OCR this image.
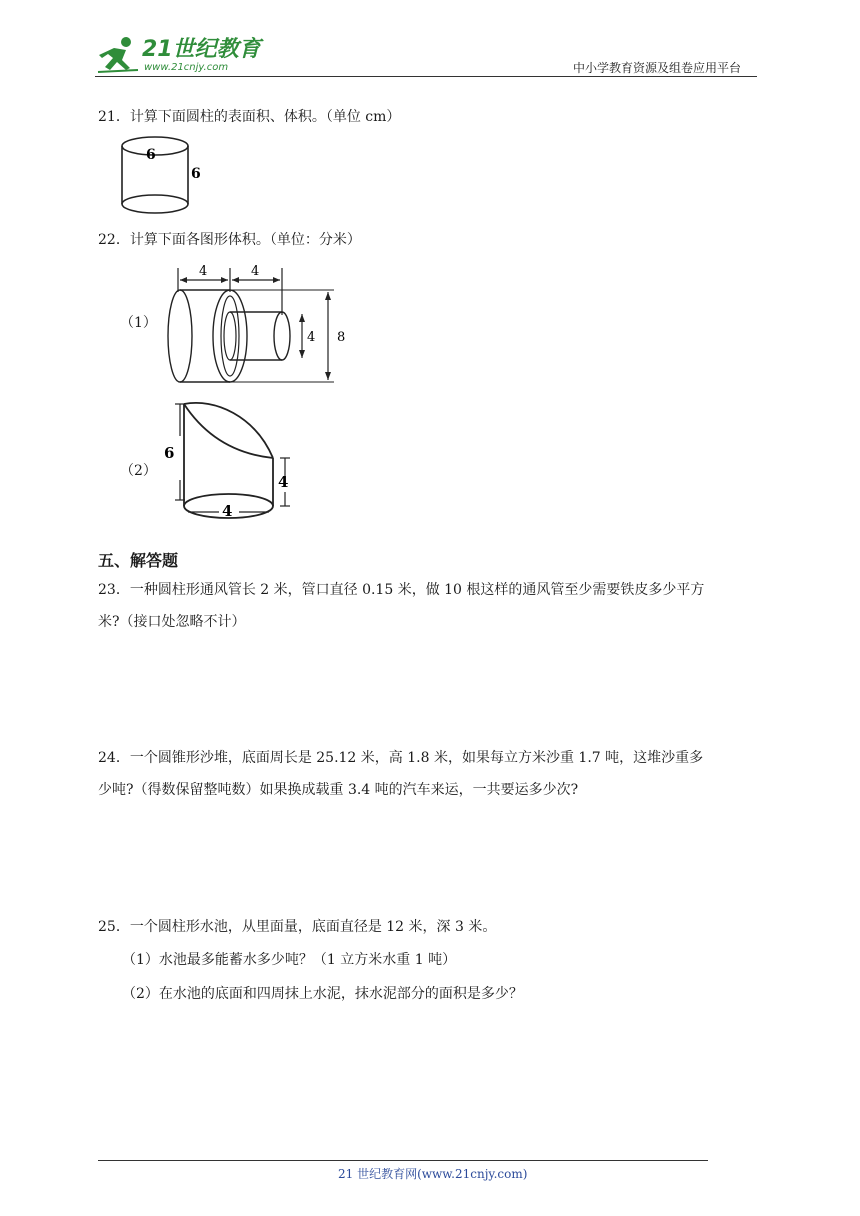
21世纪教育
www.21cnjy.com	中小学教育资源及组卷应用平台
21．计算下面圆柱的表面积、体积。（单位 cm）
6
6
22．计算下面各图形体积。（单位：分米）
（1）
4	4
4 8
（2）
6
4
4
五、解答题
23．一种圆柱形通风管长 2 米，管口直径 0.15 米，做 10 根这样的通风管至少需要铁皮多少平方
米?（接口处忽略不计）
24．一个圆锥形沙堆，底面周长是 25.12 米，高 1.8 米，如果每立方米沙重 1.7 吨，这堆沙重多
少吨?（得数保留整吨数）如果换成载重 3.4 吨的汽车来运，一共要运多少次?
25．一个圆柱形水池，从里面量，底面直径是 12 米，深 3 米。
（1）水池最多能蓄水多少吨？（1 立方米水重 1 吨）
（2）在水池的底面和四周抹上水泥，抹水泥部分的面积是多少？
21 世纪教育网(www.21cnjy.com)
